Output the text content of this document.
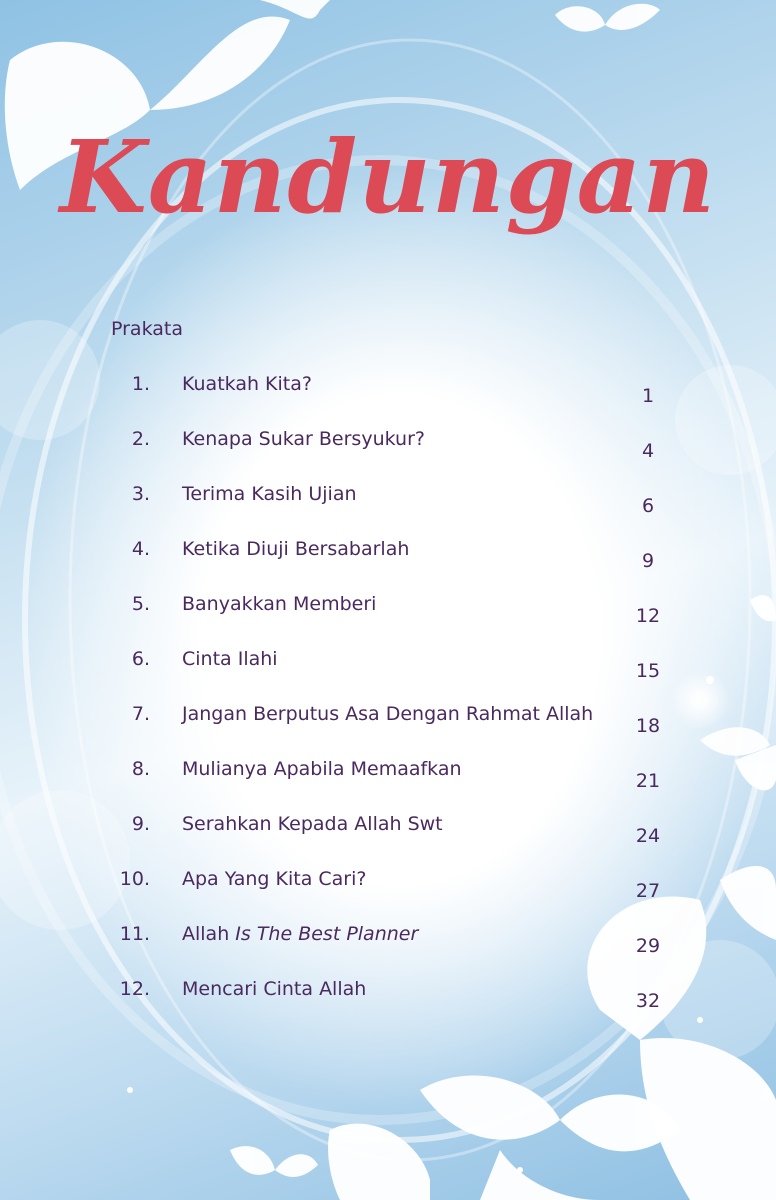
Kandungan
Prakata
1. Kuatkah Kita?
1
2. Kenapa Sukar Bersyukur?
4
3. Terima Kasih Ujian
6
4. Ketika Diuji Bersabarlah
9
5. Banyakkan Memberi
12
6. Cinta Ilahi
15
7. Jangan Berputus Asa Dengan Rahmat Allah
18
8. Mulianya Apabila Memaafkan
21
9. Serahkan Kepada Allah Swt
24
10. Apa Yang Kita Cari?
27
11. Allah Is The Best Planner
29
12. Mencari Cinta Allah
32
